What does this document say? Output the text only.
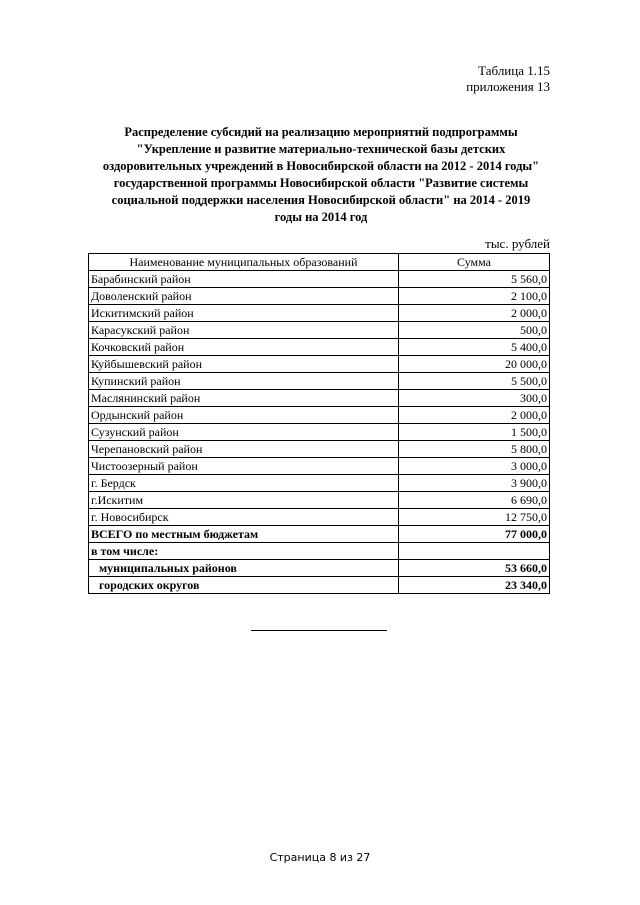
Таблица 1.15
приложения 13
Распределение субсидий на реализацию мероприятий подпрограммы
"Укрепление и развитие материально-технической базы детских
оздоровительных учреждений в Новосибирской области на 2012 - 2014 годы"
государственной программы Новосибирской области "Развитие системы
социальной поддержки населения Новосибирской области" на 2014 - 2019
годы на 2014 год
тыс. рублей
Наименование муниципальных образований	Сумма
Барабинский район	5 560,0
Доволенский район	2 100,0
Искитимский район	2 000,0
Карасукский район	500,0
Кочковский район	5 400,0
Куйбышевский район	20 000,0
Купинский район	5 500,0
Маслянинский район	300,0
Ордынский район	2 000,0
Сузунский район	1 500,0
Черепановский район	5 800,0
Чистоозерный район	3 000,0
г. Бердск	3 900,0
г.Искитим	6 690,0
г. Новосибирск	12 750,0
ВСЕГО по местным бюджетам	77 000,0
в том числе:	
муниципальных районов	53 660,0
городских округов	23 340,0
Страница 8 из 27
